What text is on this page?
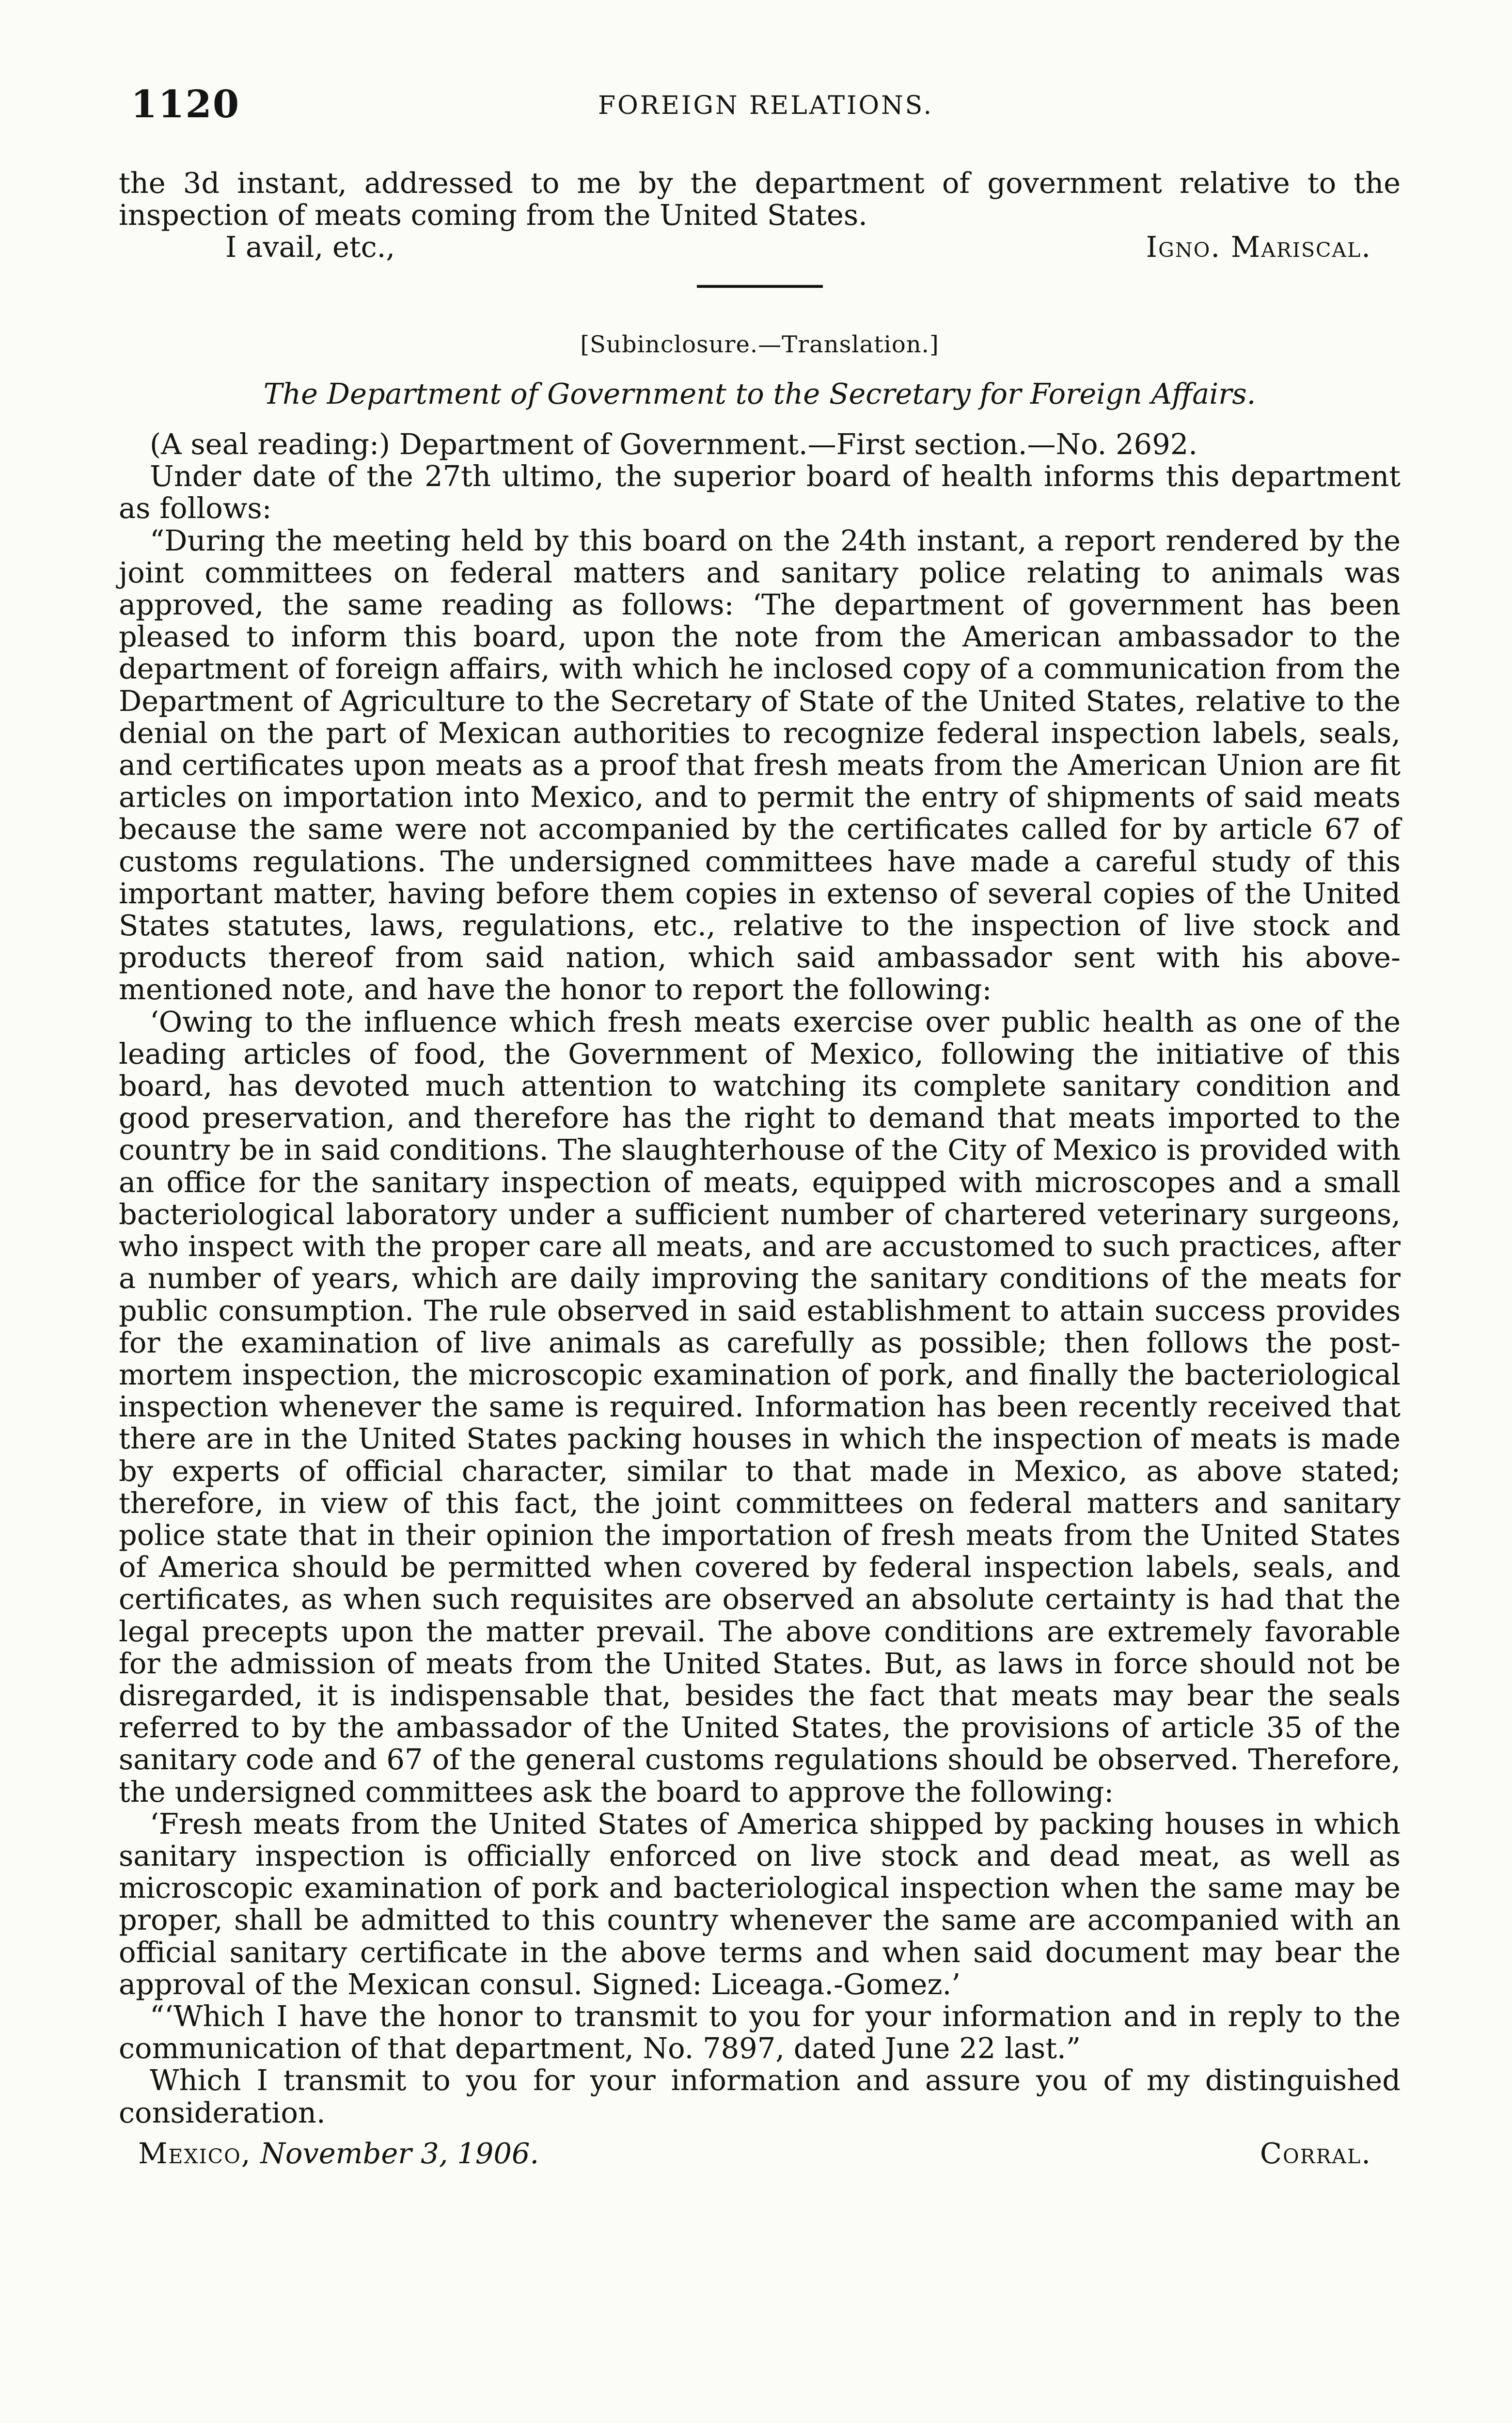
1120	FOREIGN RELATIONS.

the 3d instant, addressed to me by the department of government relative to the inspection of meats coming from the United States.

I avail, etc.,	Igno. Mariscal.
[Subinclosure.—Translation.]
The Department of Government to the Secretary for Foreign Affairs.

(A seal reading:) Department of Government.—First section.—No. 2692.

Under date of the 27th ultimo, the superior board of health informs this department as follows:

“During the meeting held by this board on the 24th instant, a report rendered by the joint committees on federal matters and sanitary police relating to animals was approved, the same reading as follows: ‘The department of government has been pleased to inform this board, upon the note from the American ambassador to the department of foreign affairs, with which he inclosed copy of a communication from the Department of Agriculture to the Secretary of State of the United States, relative to the denial on the part of Mexican authorities to recognize federal inspection labels, seals, and certificates upon meats as a proof that fresh meats from the American Union are fit articles on importation into Mexico, and to permit the entry of shipments of said meats because the same were not accompanied by the certificates called for by article 67 of customs regulations. The undersigned committees have made a careful study of this important matter, having before them copies in extenso of several copies of the United States statutes, laws, regulations, etc., relative to the inspection of live stock and products thereof from said nation, which said ambassador sent with his above-mentioned note, and have the honor to report the following:

‘Owing to the influence which fresh meats exercise over public health as one of the leading articles of food, the Government of Mexico, following the initiative of this board, has devoted much attention to watching its complete sanitary condition and good preservation, and therefore has the right to demand that meats imported to the country be in said conditions. The slaughterhouse of the City of Mexico is provided with an office for the sanitary inspection of meats, equipped with microscopes and a small bacteriological laboratory under a sufficient number of chartered veterinary surgeons, who inspect with the proper care all meats, and are accustomed to such practices, after a number of years, which are daily improving the sanitary conditions of the meats for public consumption. The rule observed in said establishment to attain success provides for the examination of live animals as carefully as possible; then follows the post-mortem inspection, the microscopic examination of pork, and finally the bacteriological inspection whenever the same is required. Information has been recently received that there are in the United States packing houses in which the inspection of meats is made by experts of official character, similar to that made in Mexico, as above stated; therefore, in view of this fact, the joint committees on federal matters and sanitary police state that in their opinion the importation of fresh meats from the United States of America should be permitted when covered by federal inspection labels, seals, and certificates, as when such requisites are observed an absolute certainty is had that the legal precepts upon the matter prevail. The above conditions are extremely favorable for the admission of meats from the United States. But, as laws in force should not be disregarded, it is indispensable that, besides the fact that meats may bear the seals referred to by the ambassador of the United States, the provisions of article 35 of the sanitary code and 67 of the general customs regulations should be observed. Therefore, the undersigned committees ask the board to approve the following:

‘Fresh meats from the United States of America shipped by packing houses in which sanitary inspection is officially enforced on live stock and dead meat, as well as microscopic examination of pork and bacteriological inspection when the same may be proper, shall be admitted to this country whenever the same are accompanied with an official sanitary certificate in the above terms and when said document may bear the approval of the Mexican consul. Signed: Liceaga.-Gomez.’

“‘Which I have the honor to transmit to you for your information and in reply to the communication of that department, No. 7897, dated June 22 last.”

Which I transmit to you for your information and assure you of my distinguished consideration.

Mexico, November 3, 1906.	Corral.
